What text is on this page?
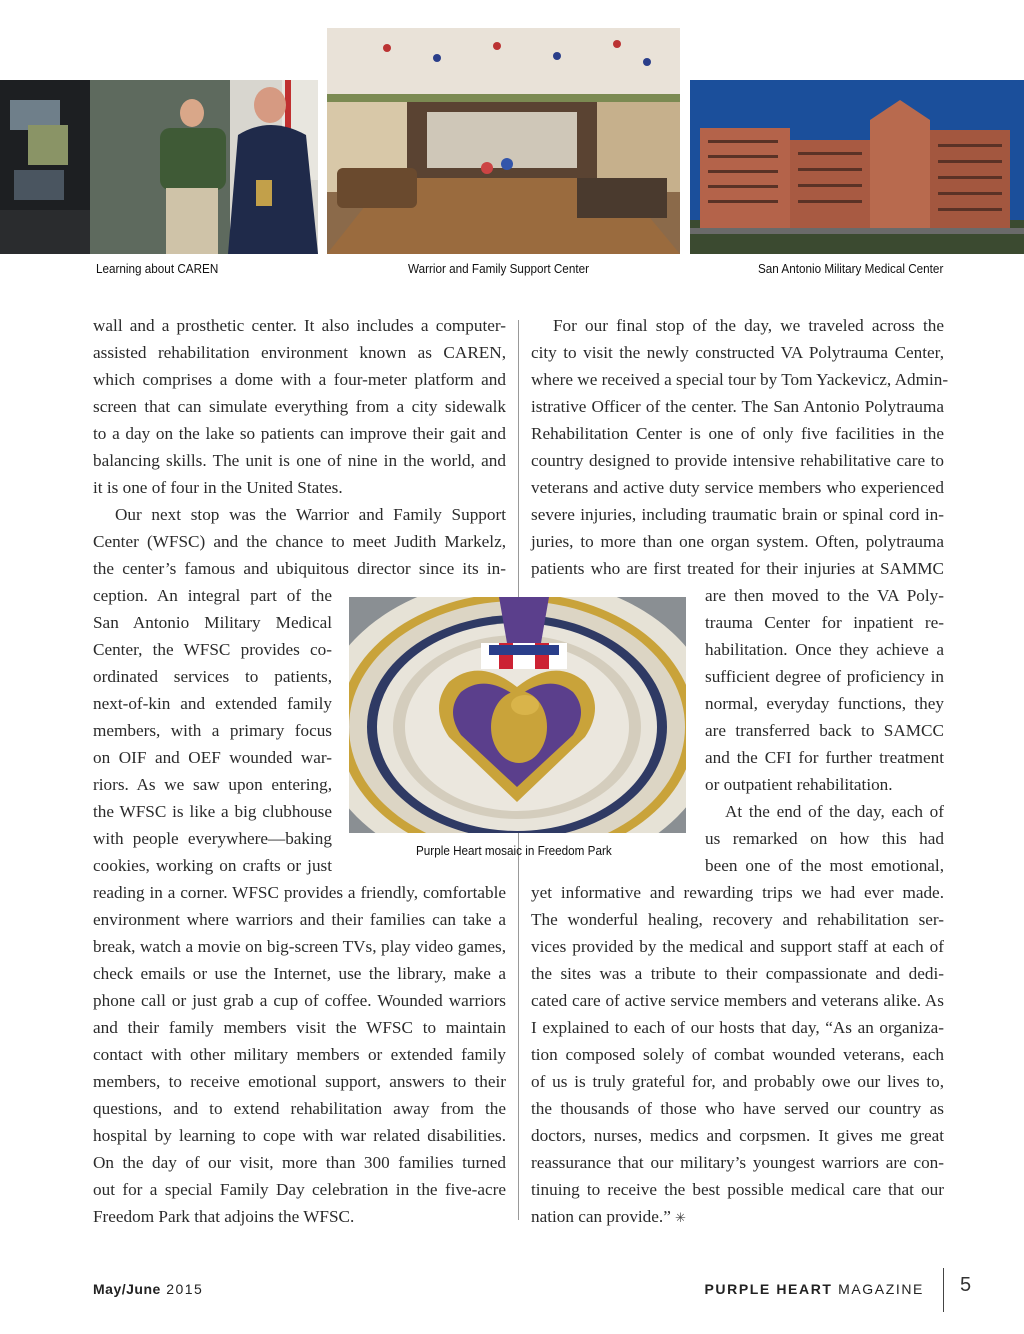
Learning about CAREN	Warrior and Family Support Center	San Antonio Military Medical Center
wall and a prosthetic center. It also includes a computer-
assisted rehabilitation environment known as CAREN,
which comprises a dome with a four-meter platform and
screen that can simulate everything from a city sidewalk
to a day on the lake so patients can improve their gait and
balancing skills. The unit is one of nine in the world, and
it is one of four in the United States.
Our next stop was the Warrior and Family Support
Center (WFSC) and the chance to meet Judith Markelz,
the center’s famous and ubiquitous director since its in-
ception. An integral part of the
San Antonio Military Medical
Center, the WFSC provides co-
ordinated services to patients,
next-of-kin and extended family
members, with a primary focus
on OIF and OEF wounded war-
riors. As we saw upon entering,
the WFSC is like a big clubhouse
with people everywhere—baking
cookies, working on crafts or just
reading in a corner. WFSC provides a friendly, comfortable
environment where warriors and their families can take a
break, watch a movie on big-screen TVs, play video games,
check emails or use the Internet, use the library, make a
phone call or just grab a cup of coffee. Wounded warriors
and their family members visit the WFSC to maintain
contact with other military members or extended family
members, to receive emotional support, answers to their
questions, and to extend rehabilitation away from the
hospital by learning to cope with war related disabilities.
On the day of our visit, more than 300 families turned
out for a special Family Day celebration in the five-acre
Freedom Park that adjoins the WFSC.
For our final stop of the day, we traveled across the
city to visit the newly constructed VA Polytrauma Center,
where we received a special tour by Tom Yackevicz, Admin-
istrative Officer of the center. The San Antonio Polytrauma
Rehabilitation Center is one of only five facilities in the
country designed to provide intensive rehabilitative care to
veterans and active duty service members who experienced
severe injuries, including traumatic brain or spinal cord in-
juries, to more than one organ system. Often, polytrauma
patients who are first treated for their injuries at SAMMC
are then moved to the VA Poly-
trauma Center for inpatient re-
habilitation. Once they achieve a
sufficient degree of proficiency in
normal, everyday functions, they
are transferred back to SAMCC
and the CFI for further treatment
or outpatient rehabilitation.
At the end of the day, each of
us remarked on how this had
been one of the most emotional,
yet informative and rewarding trips we had ever made.
The wonderful healing, recovery and rehabilitation ser-
vices provided by the medical and support staff at each of
the sites was a tribute to their compassionate and dedi-
cated care of active service members and veterans alike. As
I explained to each of our hosts that day, “As an organiza-
tion composed solely of combat wounded veterans, each
of us is truly grateful for, and probably owe our lives to,
the thousands of those who have served our country as
doctors, nurses, medics and corpsmen. It gives me great
reassurance that our military’s youngest warriors are con-
tinuing to receive the best possible medical care that our
nation can provide.” ✳
Purple Heart mosaic in Freedom Park
May/June 2015	PURPLE HEART MAGAZINE 5
